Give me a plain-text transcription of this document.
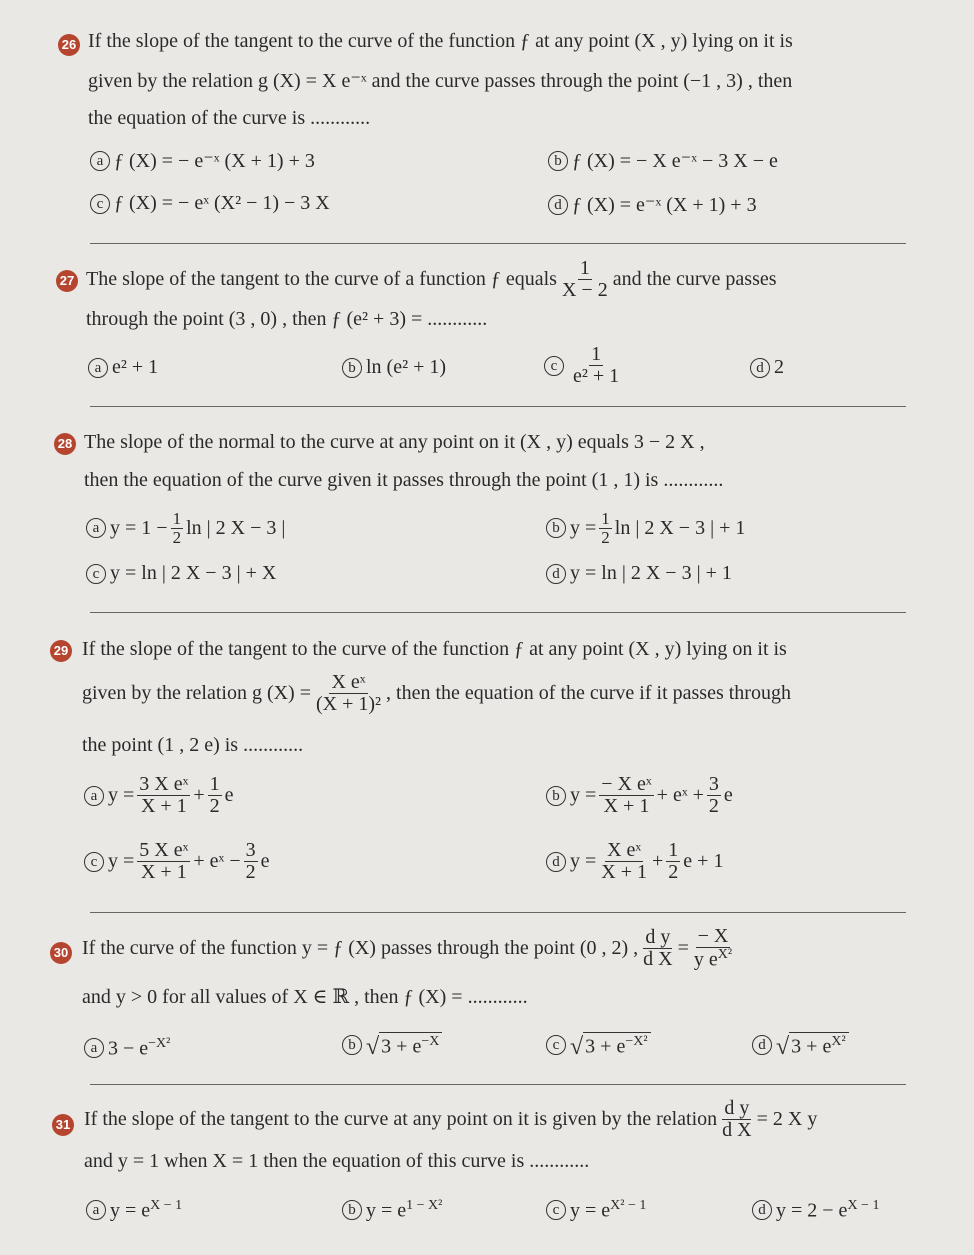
26 If the slope of the tangent to the curve of the function ƒ at any point (X , y) lying on it is
given by the relation g (X) = X e⁻ˣ and the curve passes through the point (−1 , 3) , then
the equation of the curve is ............
a ƒ (X) = − e⁻ˣ (X + 1) + 3	b ƒ (X) = − X e⁻ˣ − 3 X − e
c ƒ (X) = − eˣ (X² − 1) − 3 X	d ƒ (X) = e⁻ˣ (X + 1) + 3
27 The slope of the tangent to the curve of a function ƒ equals $\frac{1}{X - 2}$ and the curve passes
through the point (3 , 0) , then ƒ (e² + 3) = ............
a e² + 1	b ln (e² + 1)	c $\frac{1}{\text{e² + 1}}$	d 2
28 The slope of the normal to the curve at any point on it (X , y) equals 3 − 2 X ,
then the equation of the curve given it passes through the point (1 , 1) is ............
a $y = 1 - \frac{1}{2}$ ln | 2 X − 3 |	b $y = \frac{1}{2}$ ln | 2 X − 3 | + 1
c y = ln | 2 X − 3 | + X	d y = ln | 2 X − 3 | + 1
29 If the slope of the tangent to the curve of the function ƒ at any point (X , y) lying on it is
given by the relation g $(X) = \frac{\text{X eˣ}}{\text{(X + 1)²}}$ , then the equation of the curve if it passes through
the point (1 , 2 e) is ............
a $y = \frac{\text{3 X eˣ}}{X + 1} + \frac{1}{2}$ e	b $y = \frac{\text{− X eˣ}}{X + 1}$ + eˣ + $\frac{3}{2}$ e
c $y = \frac{\text{5 X eˣ}}{X + 1}$ + eˣ − $\frac{3}{2}$ e	d $y = \frac{\text{X eˣ}}{X + 1} + \frac{1}{2}$ e + 1
30 If the curve of the function y = ƒ (X) passes through the point (0 , 2) , $\frac{\text{d y}}{\text{d X}} = \frac{- X}{y e^{X^2}}$
and y > 0 for all values of X ∈ ℝ , then ƒ (X) = ............
a $3 - e^{-X^2}$	b √ $3 + e^{-X}$	c √ $3 + e^{-X^2}$	d √ $3 + e^{X^2}$
31 If the slope of the tangent to the curve at any point on it is given by the relation $\frac{\text{d y}}{\text{d X}} = 2$ X y
and y = 1 when X = 1 then the equation of this curve is ............
a $y = e^{X - 1}$	b $y = e^{1 - X^2}$	c $y = e^{X^2 - 1}$	d $y = 2 - e^{X - 1}$
